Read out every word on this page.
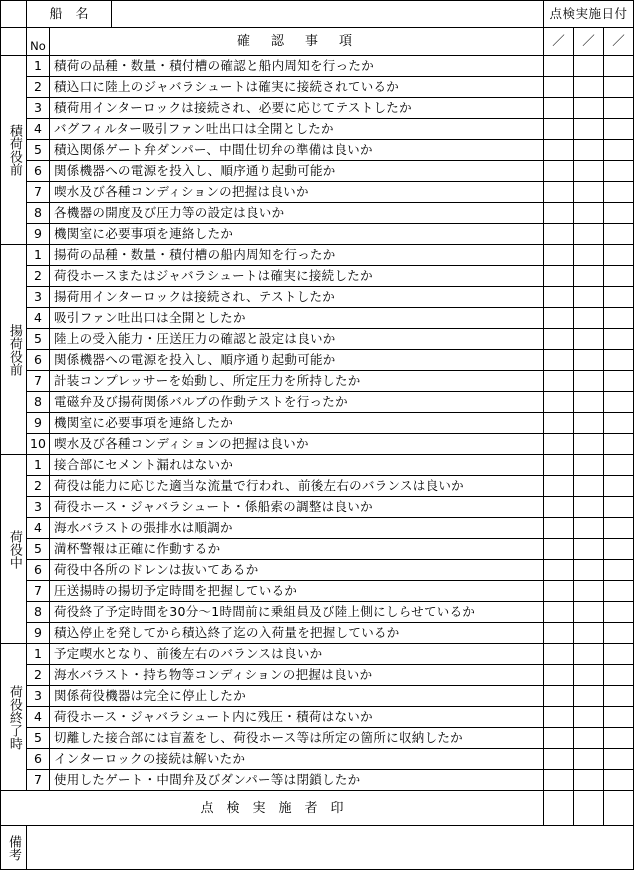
船　名		点検実施日付		
	No	確　認　事　項	／	／	／

積荷役前	1	積荷の品種・数量・積付槽の確認と船内周知を行ったか			
	2	積込口に陸上のジャバラシュートは確実に接続されているか			
	3	積荷用インターロックは接続され、必要に応じてテストしたか			
	4	バグフィルター吸引ファン吐出口は全開としたか			
	5	積込関係ゲート弁ダンパー、中間仕切弁の準備は良いか			
	6	関係機器への電源を投入し、順序通り起動可能か			
	7	喫水及び各種コンディションの把握は良いか			
	8	各機器の開度及び圧力等の設定は良いか			
	9	機関室に必要事項を連絡したか			

揚荷役前	1	揚荷の品種・数量・積付槽の船内周知を行ったか			
	2	荷役ホースまたはジャバラシュートは確実に接続したか			
	3	揚荷用インターロックは接続され、テストしたか			
	4	吸引ファン吐出口は全開としたか			
	5	陸上の受入能力・圧送圧力の確認と設定は良いか			
	6	関係機器への電源を投入し、順序通り起動可能か			
	7	計装コンプレッサーを始動し、所定圧力を所持したか			
	8	電磁弁及び揚荷関係バルブの作動テストを行ったか			
	9	機関室に必要事項を連絡したか			
	10	喫水及び各種コンディションの把握は良いか			

荷役中	1	接合部にセメント漏れはないか			
	2	荷役は能力に応じた適当な流量で行われ、前後左右のバランスは良いか			
	3	荷役ホース・ジャバラシュート・係船索の調整は良いか			
	4	海水バラストの張排水は順調か			
	5	満杯警報は正確に作動するか			
	6	荷役中各所のドレンは抜いてあるか			
	7	圧送揚時の揚切予定時間を把握しているか			
	8	荷役終了予定時間を30分～1時間前に乗組員及び陸上側にしらせているか			
	9	積込停止を発してから積込終了迄の入荷量を把握しているか			

荷役終了時	1	予定喫水となり、前後左右のバランスは良いか			
	2	海水バラスト・持ち物等コンディションの把握は良いか			
	3	関係荷役機器は完全に停止したか			
	4	荷役ホース・ジャバラシュート内に残圧・積荷はないか			
	5	切離した接合部には盲蓋をし、荷役ホース等は所定の箇所に収納したか			
	6	インターロックの接続は解いたか			
	7	使用したゲート・中間弁及びダンパー等は閉鎖したか			
点　検　実　施　者　印					

備考					
